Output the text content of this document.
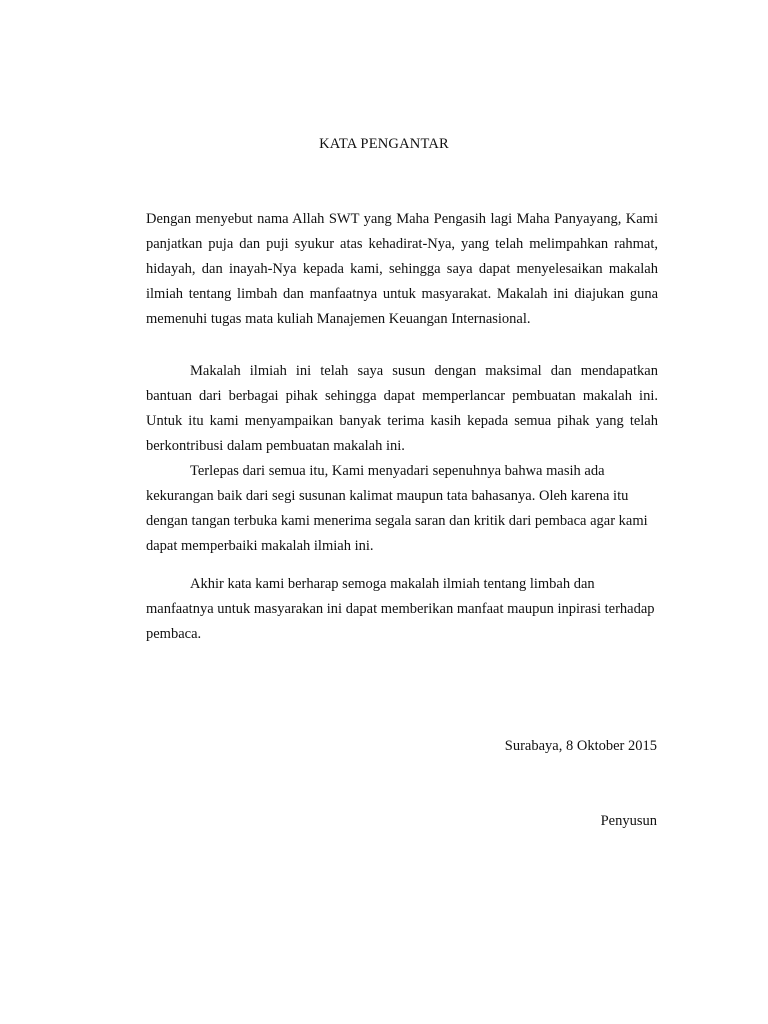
KATA PENGANTAR

Dengan menyebut nama Allah SWT yang Maha Pengasih lagi Maha Panyayang, Kami panjatkan puja dan puji syukur atas kehadirat-Nya, yang telah melimpahkan rahmat, hidayah, dan inayah-Nya kepada kami, sehingga saya dapat menyelesaikan makalah ilmiah tentang limbah dan manfaatnya untuk masyarakat. Makalah ini diajukan guna memenuhi tugas mata kuliah Manajemen Keuangan Internasional.

Makalah ilmiah ini telah saya susun dengan maksimal dan mendapatkan bantuan dari berbagai pihak sehingga dapat memperlancar pembuatan makalah ini. Untuk itu kami menyampaikan banyak terima kasih kepada semua pihak yang telah berkontribusi dalam pembuatan makalah ini.

Terlepas dari semua itu, Kami menyadari sepenuhnya bahwa masih ada kekurangan baik dari segi susunan kalimat maupun tata bahasanya. Oleh karena itu dengan tangan terbuka kami menerima segala saran dan kritik dari pembaca agar kami dapat memperbaiki makalah ilmiah ini.

Akhir kata kami berharap semoga makalah ilmiah tentang limbah dan manfaatnya untuk masyarakan ini dapat memberikan manfaat maupun inpirasi terhadap pembaca.

Surabaya, 8 Oktober 2015
Penyusun
